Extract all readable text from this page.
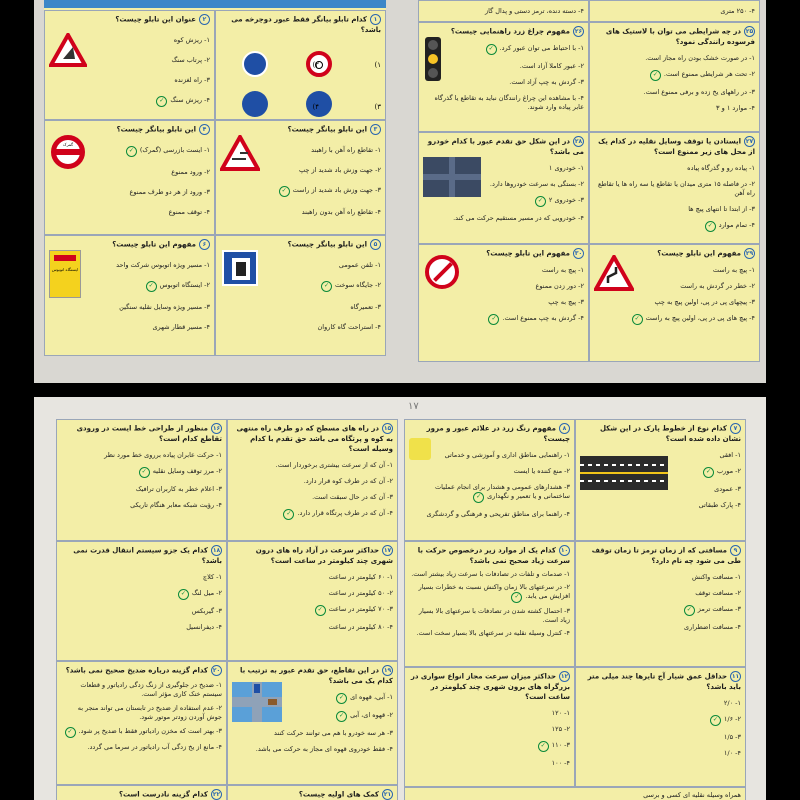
۱کدام تابلو بیانگر فقط عبور دوچرخه می باشد؟
۱)
۲)
۳)
۴)
۲عنوان این تابلو چیست؟
۱- ریزش کوه
۲- پرتاب سنگ
۳- راه لغزنده
۴- ریزش سنگ ✓
۳این تابلو بیانگر چیست؟
۱- تقاطع راه آهن با راهبند
۲- جهت وزش باد شدید از چپ
۳- جهت وزش باد شدید از راست ✓
۴- تقاطع راه آهن بدون راهبند
۴این تابلو بیانگر چیست؟
گمرک
۱- ایست بازرسی (گمرک) ✓
۲- ورود ممنوع
۳- ورود از هر دو طرف ممنوع
۴- توقف ممنوع
۵این تابلو بیانگر چیست؟
۱- تلفن عمومی
۲- جایگاه سوخت ✓
۳- تعمیرگاه
۴- استراحت گاه کاروان
۶مفهوم این تابلو چیست؟
ایستگاه اتوبوس
۱- مسیر ویژه اتوبوس شرکت واحد
۲- ایستگاه اتوبوس ✓
۳- مسیر ویژه وسایل نقلیه سنگین
۴- مسیر قطار شهری
۴- دسته دنده، ترمز دستی و پدال گاز	۴- ۲۵۰ متری
۲۵در چه شرایطی می توان با لاستیک های فرسوده رانندگی نمود؟
۱- در صورت خشک بودن راه مجاز است.
۲- تحت هر شرایطی ممنوع است. ✓
۳- در راههای یخ زده و برفی ممنوع است.
۴- موارد ۱ و ۳
۲۶مفهوم چراغ زرد راهنمایی چیست؟
۱- با احتیاط می توان عبور کرد. ✓
۲- عبور کاملا آزاد است.
۳- گردش به چپ آزاد است.
۴- با مشاهده این چراغ رانندگان نباید به تقاطع یا گذرگاه عابر پیاده وارد شوند.
۲۷ایستادن یا توقف وسایل نقلیه در کدام یک از محل های زیر ممنوع است؟
۱- پیاده رو و گذرگاه پیاده
۲- در فاصله ۱۵ متری میدان یا تقاطع یا سه راه ها یا تقاطع راه آهن
۳- از ابتدا تا انتهای پیچ ها
۴- تمام موارد ✓
۲۸در این شکل حق تقدم عبور با کدام خودرو می باشد؟
۱- خودروی ۱
۲- بستگی به سرعت خودروها دارد.
۳- خودروی ۲ ✓
۴- خودرویی که در مسیر مستقیم حرکت می کند.
۲۹مفهوم این تابلو چیست؟
۱- پیچ به راست
۲- خطر در گردش به راست
۳- پیچهای پی در پی، اولین پیچ به چپ
۴- پیچ های پی در پی، اولین پیچ به راست ✓
۳۰مفهوم این تابلو چیست؟
۱- پیچ به راست
۲- دور زدن ممنوع
۳- پیچ به چپ
۴- گردش به چپ ممنوع است. ✓
۱۷
۱۵در راه های مسطح که دو طرف راه منتهی به کوه و پرتگاه می باشد حق تقدم با کدام وسیله است؟
۱- آن که از سرعت بیشتری برخوردار است.
۲- آن که در طرف کوه قرار دارد.
۳- آن که در حال سبقت است.
۴- آن که در طرف پرتگاه قرار دارد. ✓
۱۶منظور از طراحی خط ایست در ورودی تقاطع کدام است؟
۱- حرکت عابران پیاده برروی خط مورد نظر
۲- مرز توقف وسایل نقلیه ✓
۳- اعلام خطر به کاربران ترافیک
۴- رؤیت شبکه معابر هنگام تاریکی
۱۷حداکثر سرعت در آزاد راه های درون شهری چند کیلومتر در ساعت است؟
۱- ۶۰ کیلومتر در ساعت
۲- ۵۰ کیلومتر در ساعت
۳- ۷۰ کیلومتر در ساعت ✓
۴- ۸۰ کیلومتر در ساعت
۱۸کدام یک جزو سیستم انتقال قدرت نمی باشد؟
۱- کلاچ
۲- میل لنگ ✓
۳- گیربکس
۴- دیفرانسیل
۱۹در این تقاطع، حق تقدم عبور به ترتیب با کدام یک می باشد؟
۱- آبی، قهوه ای ✓
۲- قهوه ای، آبی ✓
۳- هر سه خودرو با هم می توانند حرکت کنند
۴- فقط خودروی قهوه ای مجاز به حرکت می باشد.
۲۰کدام گزینه درباره ضدیخ صحیح نمی باشد؟
۱- ضدیخ در جلوگیری از زنگ زدگی رادیاتور و قطعات سیستم خنک کاری مؤثر است.
۲- عدم استفاده از ضدیخ در تابستان می تواند منجر به جوش آوردن زودتر موتور شود.
۳- بهتر است که مخزن رادیاتور فقط با ضدیخ پر شود. ✓
۴- مانع از یخ زدگی آب رادیاتور در سرما می گردد.
۲۱کمک های اولیه چیست؟
۲۲کدام گزینه نادرست است؟
۷کدام نوع از خطوط پارک در این شکل نشان داده شده است؟
۱- افقی
۲- مورب ✓
۳- عمودی
۴- پارک طبقاتی
۸مفهوم رنگ زرد در علائم عبور و مرور چیست؟
۱- راهنمایی مناطق اداری و آموزشی و خدماتی
۲- منع کننده یا ایست
۳- هشدارهای عمومی و هشدار برای انجام عملیات ساختمانی و یا تعمیر و نگهداری ✓
۴- راهنما برای مناطق تفریحی و فرهنگی و گردشگری
۹مسافتی که از زمان ترمز تا زمان توقف طی می شود چه نام دارد؟
۱- مسافت واکنش
۲- مسافت توقف
۳- مسافت ترمز ✓
۴- مسافت اضطراری
۱۰کدام یک از موارد زیر درخصوص حرکت با سرعت زیاد صحیح نمی باشد؟
۱- صدمات و تلفات در تصادفات با سرعت زیاد بیشتر است.
۲- در سرعتهای بالا زمان واکنش نسبت به خطرات بسیار افزایش می یابد. ✓
۳- احتمال کشته شدن در تصادفات با سرعتهای بالا بسیار زیاد است.
۴- کنترل وسیله نقلیه در سرعتهای بالا بسیار سخت است.
۱۱حداقل عمق شیار آج تایرها چند میلی متر باید باشد؟
۱- ۲/۰
۲- ۱/۶ ✓
۳- ۱/۵
۴- ۱/۰
۱۲حداکثر میزان سرعت مجاز انواع سواری در بزرگراه های برون شهری چند کیلومتر در ساعت است؟
۱- ۱۲۰
۲- ۱۲۵
۳- ۱۱۰ ✓
۴- ۱۰۰
همراه وسیله نقلیه ای کسی و برسی
